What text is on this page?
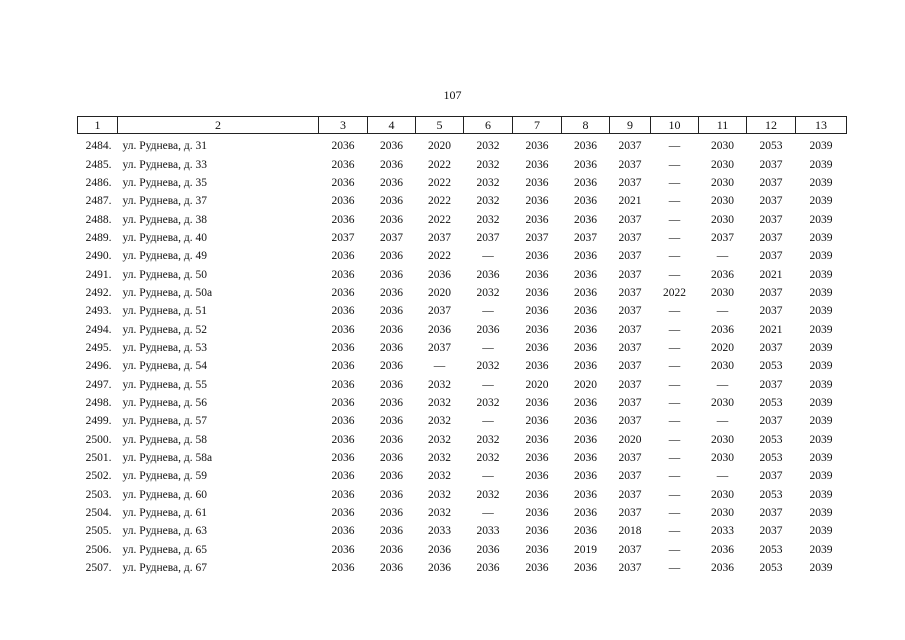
107
1	2	3	4	5	6	7	8	9	10	11	12	13
2484.	ул. Руднева, д. 31	2036	2036	2020	2032	2036	2036	2037	—	2030	2053	2039
2485.	ул. Руднева, д. 33	2036	2036	2022	2032	2036	2036	2037	—	2030	2037	2039
2486.	ул. Руднева, д. 35	2036	2036	2022	2032	2036	2036	2037	—	2030	2037	2039
2487.	ул. Руднева, д. 37	2036	2036	2022	2032	2036	2036	2021	—	2030	2037	2039
2488.	ул. Руднева, д. 38	2036	2036	2022	2032	2036	2036	2037	—	2030	2037	2039
2489.	ул. Руднева, д. 40	2037	2037	2037	2037	2037	2037	2037	—	2037	2037	2039
2490.	ул. Руднева, д. 49	2036	2036	2022	—	2036	2036	2037	—	—	2037	2039
2491.	ул. Руднева, д. 50	2036	2036	2036	2036	2036	2036	2037	—	2036	2021	2039
2492.	ул. Руднева, д. 50а	2036	2036	2020	2032	2036	2036	2037	2022	2030	2037	2039
2493.	ул. Руднева, д. 51	2036	2036	2037	—	2036	2036	2037	—	—	2037	2039
2494.	ул. Руднева, д. 52	2036	2036	2036	2036	2036	2036	2037	—	2036	2021	2039
2495.	ул. Руднева, д. 53	2036	2036	2037	—	2036	2036	2037	—	2020	2037	2039
2496.	ул. Руднева, д. 54	2036	2036	—	2032	2036	2036	2037	—	2030	2053	2039
2497.	ул. Руднева, д. 55	2036	2036	2032	—	2020	2020	2037	—	—	2037	2039
2498.	ул. Руднева, д. 56	2036	2036	2032	2032	2036	2036	2037	—	2030	2053	2039
2499.	ул. Руднева, д. 57	2036	2036	2032	—	2036	2036	2037	—	—	2037	2039
2500.	ул. Руднева, д. 58	2036	2036	2032	2032	2036	2036	2020	—	2030	2053	2039
2501.	ул. Руднева, д. 58а	2036	2036	2032	2032	2036	2036	2037	—	2030	2053	2039
2502.	ул. Руднева, д. 59	2036	2036	2032	—	2036	2036	2037	—	—	2037	2039
2503.	ул. Руднева, д. 60	2036	2036	2032	2032	2036	2036	2037	—	2030	2053	2039
2504.	ул. Руднева, д. 61	2036	2036	2032	—	2036	2036	2037	—	2030	2037	2039
2505.	ул. Руднева, д. 63	2036	2036	2033	2033	2036	2036	2018	—	2033	2037	2039
2506.	ул. Руднева, д. 65	2036	2036	2036	2036	2036	2019	2037	—	2036	2053	2039
2507.	ул. Руднева, д. 67	2036	2036	2036	2036	2036	2036	2037	—	2036	2053	2039
